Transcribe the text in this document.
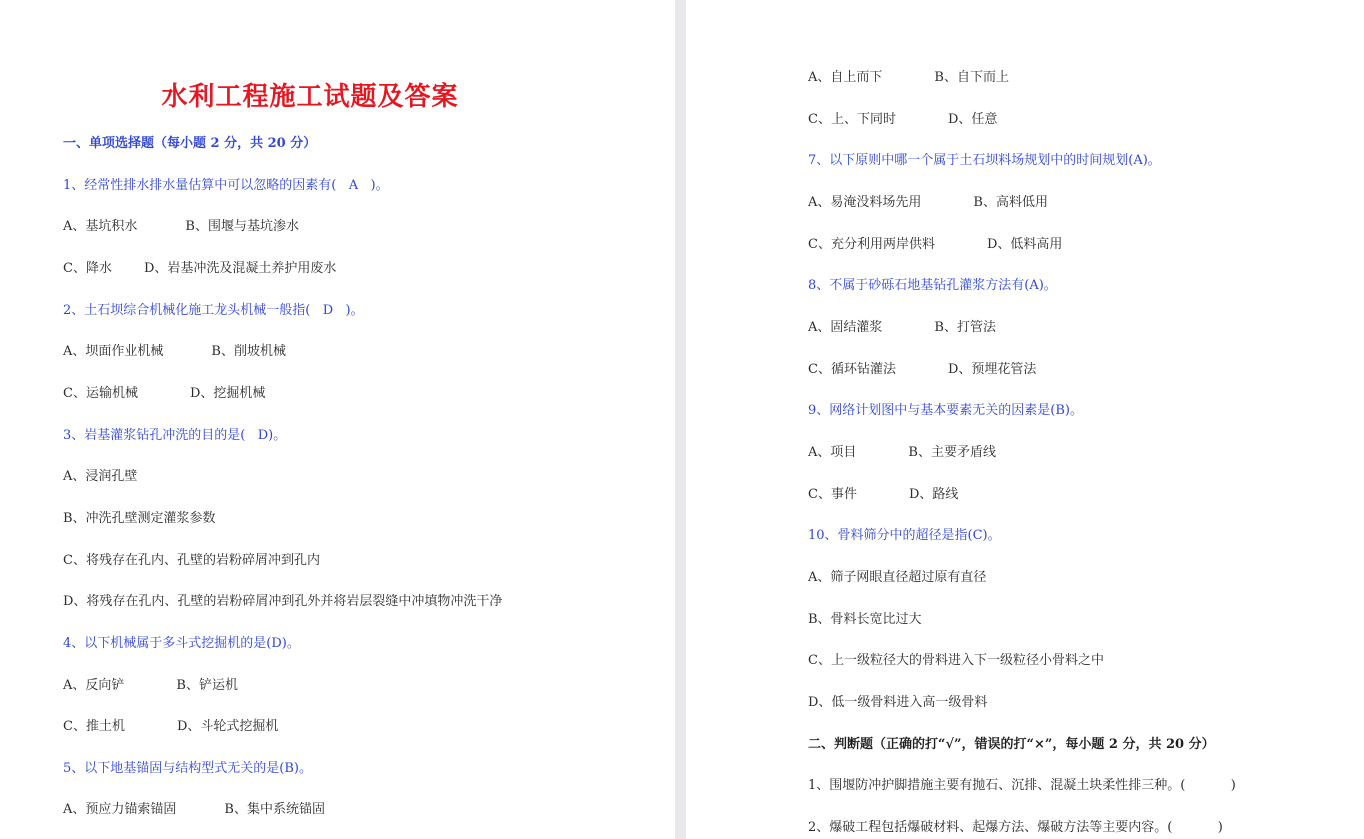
水利工程施工试题及答案
一、单项选择题（每小题 2 分，共 20 分）
1、经常性排水排水量估算中可以忽略的因素有(   A   )。
A、基坑积水	B、围堰与基坑渗水
C、降水 D、岩基冲洗及混凝土养护用废水
2、土石坝综合机械化施工龙头机械一般指(   D   )。
A、坝面作业机械	B、削坡机械
C、运输机械	D、挖掘机械
3、岩基灌浆钻孔冲洗的目的是(   D)。
A、浸润孔壁
B、冲洗孔壁测定灌浆参数
C、将残存在孔内、孔壁的岩粉碎屑冲到孔内
D、将残存在孔内、孔壁的岩粉碎屑冲到孔外并将岩层裂缝中冲填物冲洗干净
4、以下机械属于多斗式挖掘机的是(D)。
A、反向铲	B、铲运机
C、推土机	D、斗轮式挖掘机
5、以下地基锚固与结构型式无关的是(B)。
A、预应力锚索锚固	B、集中系统锚固
A、自上而下	B、自下而上
C、上、下同时	D、任意
7、以下原则中哪一个属于土石坝料场规划中的时间规划(A)。
A、易淹没料场先用	B、高料低用
C、充分利用两岸供料	D、低料高用
8、不属于砂砾石地基钻孔灌浆方法有(A)。
A、固结灌浆	B、打管法
C、循环钻灌法	D、预埋花管法
9、网络计划图中与基本要素无关的因素是(B)。
A、项目	B、主要矛盾线
C、事件	D、路线
10、骨料筛分中的超径是指(C)。
A、筛子网眼直径超过原有直径
B、骨料长宽比过大
C、上一级粒径大的骨料进入下一级粒径小骨料之中
D、低一级骨料进入高一级骨料
二、判断题（正确的打“√”，错误的打“×”，每小题 2 分，共 20 分）
1、围堰防冲护脚措施主要有抛石、沉排、混凝土块柔性排三种。(           )
2、爆破工程包括爆破材料、起爆方法、爆破方法等主要内容。(           )
